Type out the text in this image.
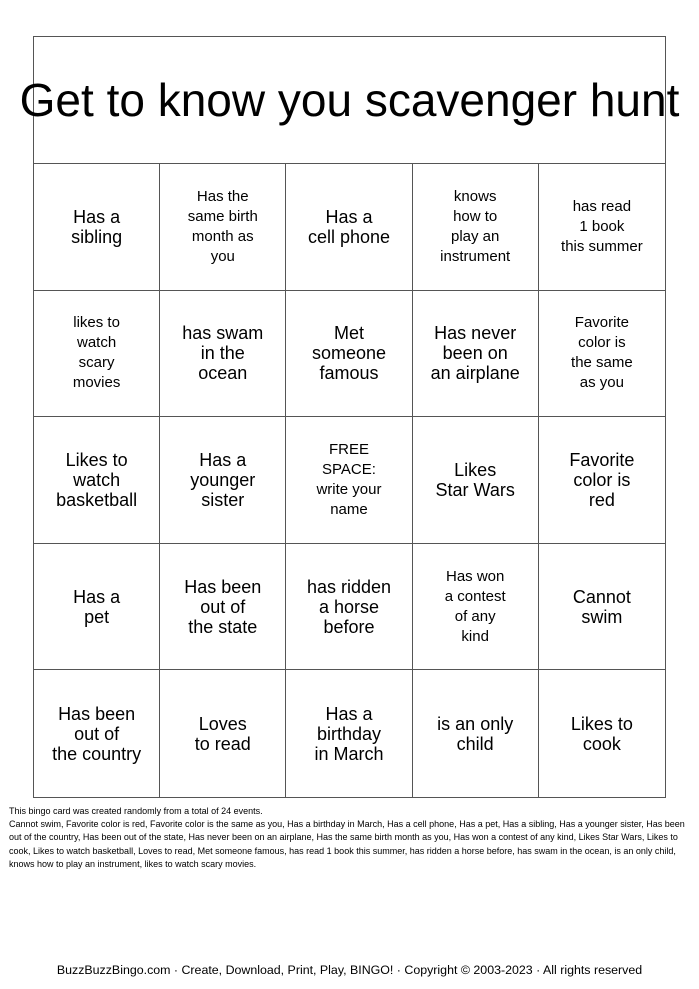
Get to know you scavenger hunt
Has a
sibling
Has the
same birth
month as
you
Has a
cell phone
knows
how to
play an
instrument
has read
1 book
this summer
likes to
watch
scary
movies
has swam
in the
ocean
Met
someone
famous
Has never
been on
an airplane
Favorite
color is
the same
as you
Likes to
watch
basketball
Has a
younger
sister
FREE
SPACE:
write your
name
Likes
Star Wars
Favorite
color is
red
Has a
pet
Has been
out of
the state
has ridden
a horse
before
Has won
a contest
of any
kind
Cannot
swim
Has been
out of
the country
Loves
to read
Has a
birthday
in March
is an only
child
Likes to
cook

This bingo card was created randomly from a total of 24 events.

Cannot swim, Favorite color is red, Favorite color is the same as you, Has a birthday in March, Has a cell phone, Has a pet, Has a sibling, Has a younger sister, Has been out of the country, Has been out of the state, Has never been on an airplane, Has the same birth month as you, Has won a contest of any kind, Likes Star Wars, Likes to cook, Likes to watch basketball, Loves to read, Met someone famous, has read 1 book this summer, has ridden a horse before, has swam in the ocean, is an only child, knows how to play an instrument, likes to watch scary movies.

BuzzBuzzBingo.com · Create, Download, Print, Play, BINGO! · Copyright © 2003-2023 · All rights reserved
